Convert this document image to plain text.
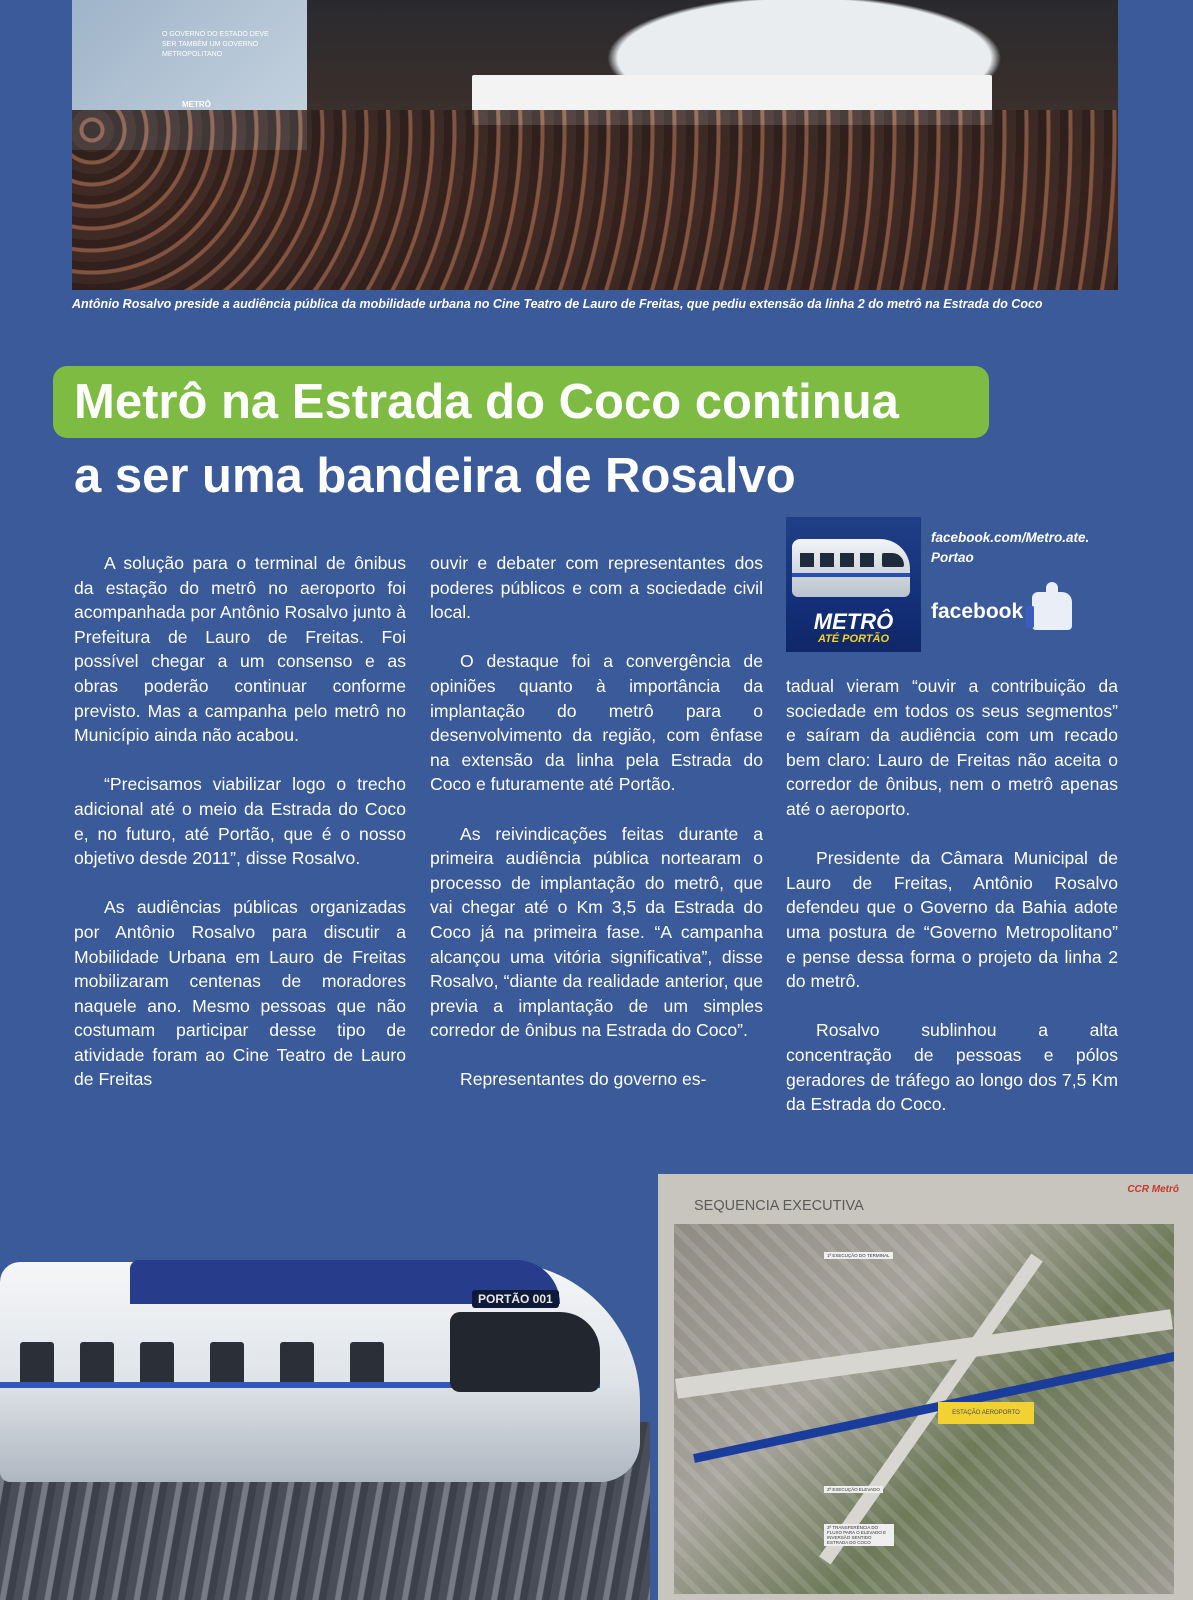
O GOVERNO DO ESTADO DEVE SER TAMBÉM UM GOVERNO METROPOLITANO
METRÔ
Antônio Rosalvo preside a audiência pública da mobilidade urbana no Cine Teatro de Lauro de Freitas, que pediu extensão da linha 2 do metrô na Estrada do Coco
Metrô na Estrada do Coco continua
a ser uma bandeira de Rosalvo

A solução para o terminal de ônibus da estação do metrô no aeroporto foi acompanhada por Antônio Rosalvo junto à Prefeitura de Lauro de Freitas. Foi possível chegar a um consenso e as obras poderão continuar conforme previsto. Mas a campanha pelo metrô no Município ainda não acabou.

“Precisamos viabilizar logo o trecho adicional até o meio da Estrada do Coco e, no futuro, até Portão, que é o nosso objetivo desde 2011”, disse Rosalvo.

As audiências públicas organizadas por Antônio Rosalvo para discutir a Mobilidade Urbana em Lauro de Freitas mobilizaram centenas de moradores naquele ano. Mesmo pessoas que não costumam participar desse tipo de atividade foram ao Cine Teatro de Lauro de Freitas

ouvir e debater com representantes dos poderes públicos e com a sociedade civil local.

O destaque foi a convergência de opiniões quanto à importância da implantação do metrô para o desenvolvimento da região, com ênfase na extensão da linha pela Estrada do Coco e futuramente até Portão.

As reivindicações feitas durante a primeira audiência pública nortearam o processo de implantação do metrô, que vai chegar até o Km 3,5 da Estrada do Coco já na primeira fase. “A campanha alcançou uma vitória significativa”, disse Rosalvo, “diante da realidade anterior, que previa a implantação de um simples corredor de ônibus na Estrada do Coco”.

Representantes do governo es-

METRÔ
ATÉ PORTÃO
facebook.com/Metro.ate. Portao
facebook

tadual vieram “ouvir a contribuição da sociedade em todos os seus segmentos” e saíram da audiência com um recado bem claro: Lauro de Freitas não aceita o corredor de ônibus, nem o metrô apenas até o aeroporto.

Presidente da Câmara Municipal de Lauro de Freitas, Antônio Rosalvo defendeu que o Governo da Bahia adote uma postura de “Governo Metropolitano” e pense dessa forma o projeto da linha 2 do metrô.

Rosalvo sublinhou a alta concentração de pessoas e pólos geradores de tráfego ao longo dos 7,5 Km da Estrada do Coco.

PORTÃO 001
SEQUENCIA EXECUTIVA
CCR Metrô
ESTAÇÃO AEROPORTO
1ª EXECUÇÃO DO TERMINAL
2ª EXECUÇÃO ELEVADO
3ª TRANSFERÊNCIA DO FLUXO PARA O ELEVADO E INVERSÃO SENTIDO ESTRADA DO COCO
